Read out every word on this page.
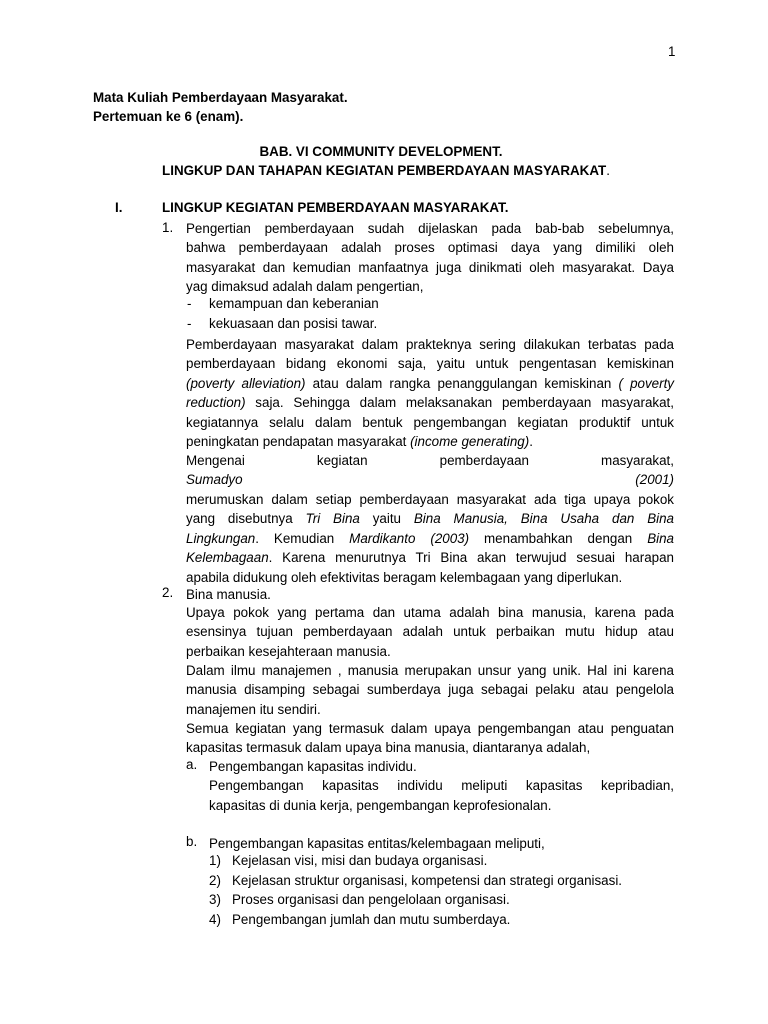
1
Mata Kuliah Pemberdayaan Masyarakat.
Pertemuan ke 6 (enam).
BAB. VI COMMUNITY DEVELOPMENT.
LINGKUP DAN TAHAPAN KEGIATAN PEMBERDAYAAN MASYARAKAT.
I.	LINGKUP KEGIATAN PEMBERDAYAAN MASYARAKAT.
1. Pengertian pemberdayaan sudah dijelaskan pada bab-bab sebelumnya,
bahwa pemberdayaan adalah proses optimasi daya yang dimiliki oleh
masyarakat dan kemudian manfaatnya juga dinikmati oleh masyarakat. Daya
yag dimaksud adalah dalam pengertian,
- kemampuan dan keberanian
- kekuasaan dan posisi tawar.
Pemberdayaan masyarakat dalam prakteknya sering dilakukan terbatas pada
pemberdayaan bidang ekonomi saja, yaitu untuk pengentasan kemiskinan
(poverty alleviation) atau dalam rangka penanggulangan kemiskinan ( poverty
reduction) saja. Sehingga dalam melaksanakan pemberdayaan masyarakat,
kegiatannya selalu dalam bentuk pengembangan kegiatan produktif untuk
peningkatan pendapatan masyarakat (income generating).
Mengenai kegiatan pemberdayaan masyarakat, Sumadyo (2001)
merumuskan dalam setiap pemberdayaan masyarakat ada tiga upaya pokok
yang disebutnya Tri Bina yaitu Bina Manusia, Bina Usaha dan Bina
Lingkungan. Kemudian Mardikanto (2003) menambahkan dengan Bina
Kelembagaan. Karena menurutnya Tri Bina akan terwujud sesuai harapan
apabila didukung oleh efektivitas beragam kelembagaan yang diperlukan.
2. Bina manusia.
Upaya pokok yang pertama dan utama adalah bina manusia, karena pada
esensinya tujuan pemberdayaan adalah untuk perbaikan mutu hidup atau
perbaikan kesejahteraan manusia.
Dalam ilmu manajemen , manusia merupakan unsur yang unik. Hal ini karena
manusia disamping sebagai sumberdaya juga sebagai pelaku atau pengelola
manajemen itu sendiri.
Semua kegiatan yang termasuk dalam upaya pengembangan atau penguatan
kapasitas termasuk dalam upaya bina manusia, diantaranya adalah,
a. Pengembangan kapasitas individu.
Pengembangan kapasitas individu meliputi kapasitas kepribadian,
kapasitas di dunia kerja, pengembangan keprofesionalan.
b. Pengembangan kapasitas entitas/kelembagaan meliputi,
1) Kejelasan visi, misi dan budaya organisasi.
2) Kejelasan struktur organisasi, kompetensi dan strategi organisasi.
3) Proses organisasi dan pengelolaan organisasi.
4) Pengembangan jumlah dan mutu sumberdaya.
